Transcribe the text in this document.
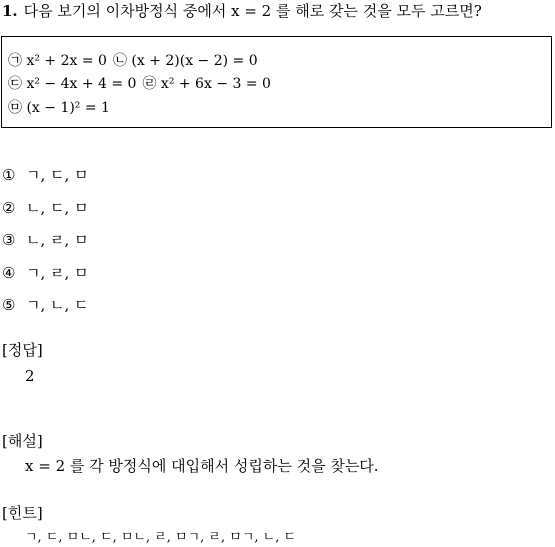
1. 다음 보기의 이차방정식 중에서 x = 2 를 해로 갖는 것을 모두 고르면?
㉠ x² + 2x = 0 ㉡ (x + 2)(x − 2) = 0
㉢ x² − 4x + 4 = 0 ㉣ x² + 6x − 3 = 0
㉤ (x − 1)² = 1
① ㄱ, ㄷ, ㅁ
② ㄴ, ㄷ, ㅁ
③ ㄴ, ㄹ, ㅁ
④ ㄱ, ㄹ, ㅁ
⑤ ㄱ, ㄴ, ㄷ
[정답]
2
[해설]
x = 2 를 각 방정식에 대입해서 성립하는 것을 찾는다.
[힌트]
ㄱ, ㄷ, ㅁㄴ, ㄷ, ㅁㄴ, ㄹ, ㅁㄱ, ㄹ, ㅁㄱ, ㄴ, ㄷ
